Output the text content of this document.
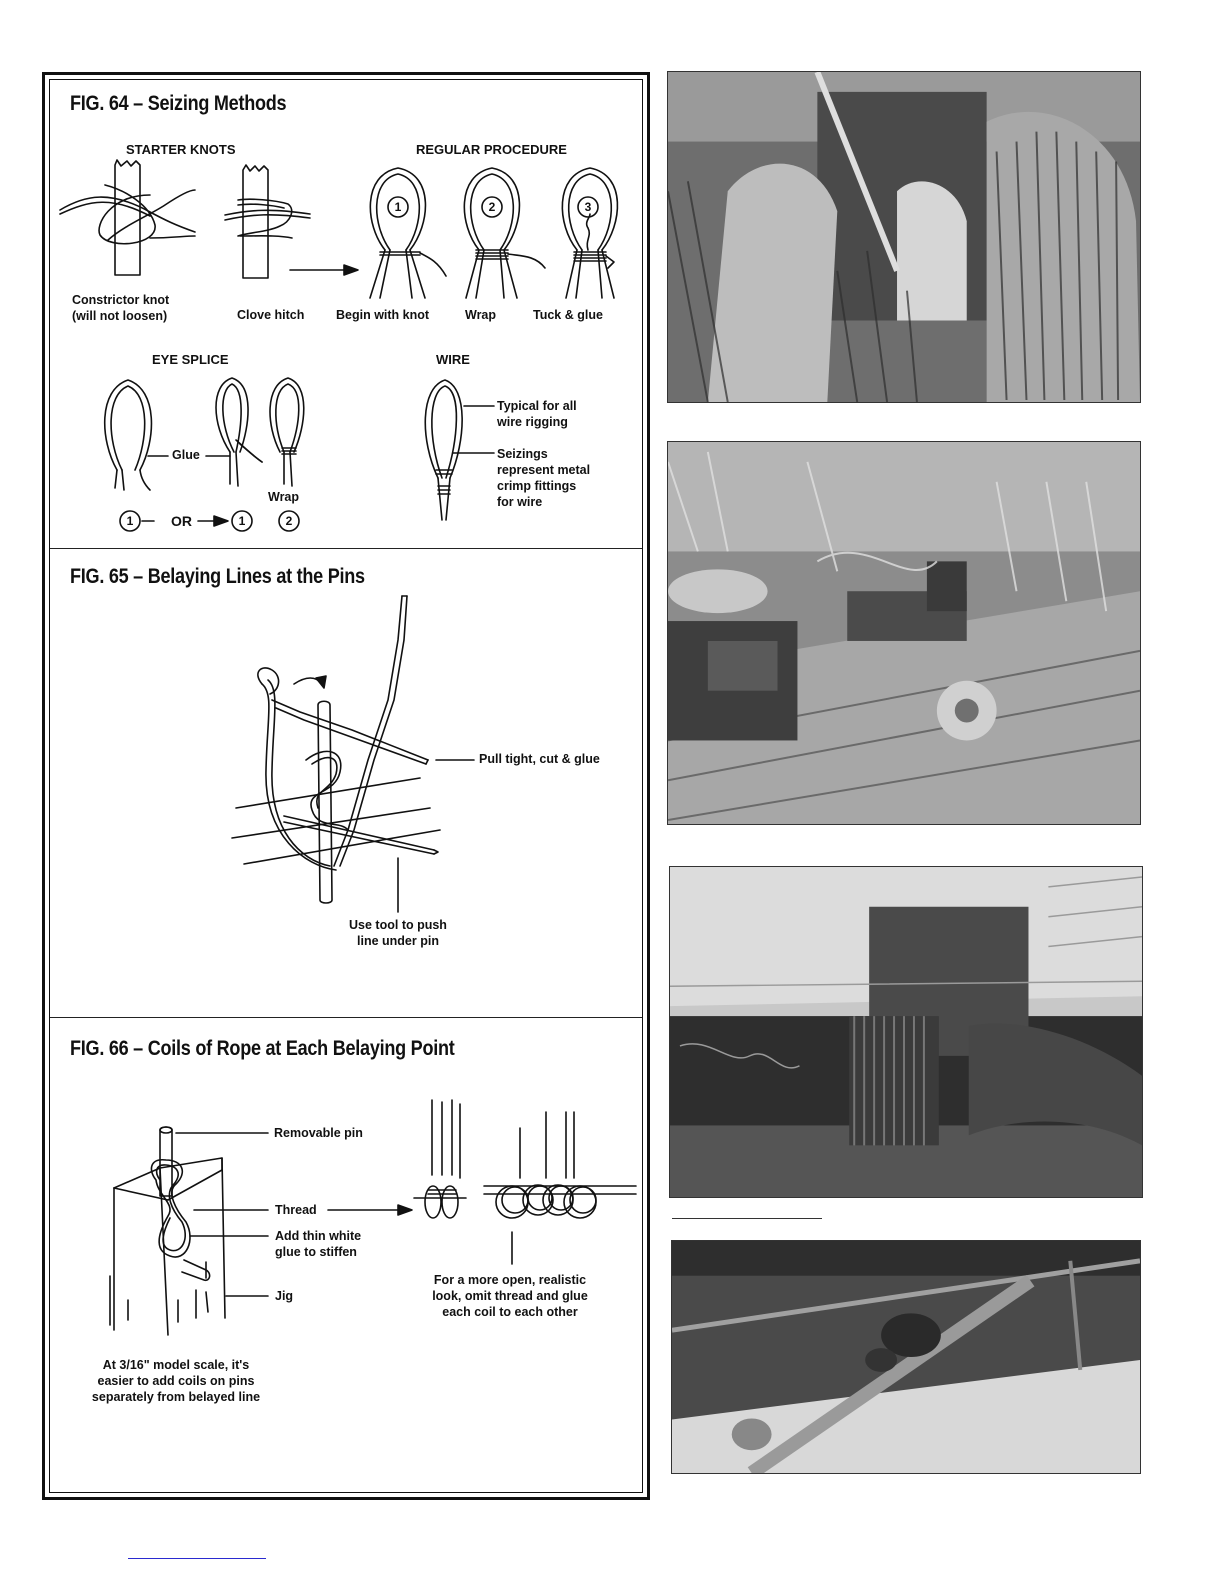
FIG. 64 – Seizing Methods
STARTER KNOTS	REGULAR PROCEDURE
1	2	3
Constrictor knot
(will not loosen)	Clove hitch	Begin with knot	Wrap	Tuck & glue
EYE SPLICE	WIRE
Glue
Wrap
1	OR	1	2
Typical for all
wire rigging
Seizings
represent metal
crimp fittings
for wire
FIG. 65 – Belaying Lines at the Pins
Pull tight, cut & glue
Use tool to push
line under pin
FIG. 66 – Coils of Rope at Each Belaying Point
Removable pin
Thread
Add thin white
glue to stiffen
Jig
For a more open, realistic
look, omit thread and glue
each coil to each other
At 3/16" model scale, it's
easier to add coils on pins
separately from belayed line
